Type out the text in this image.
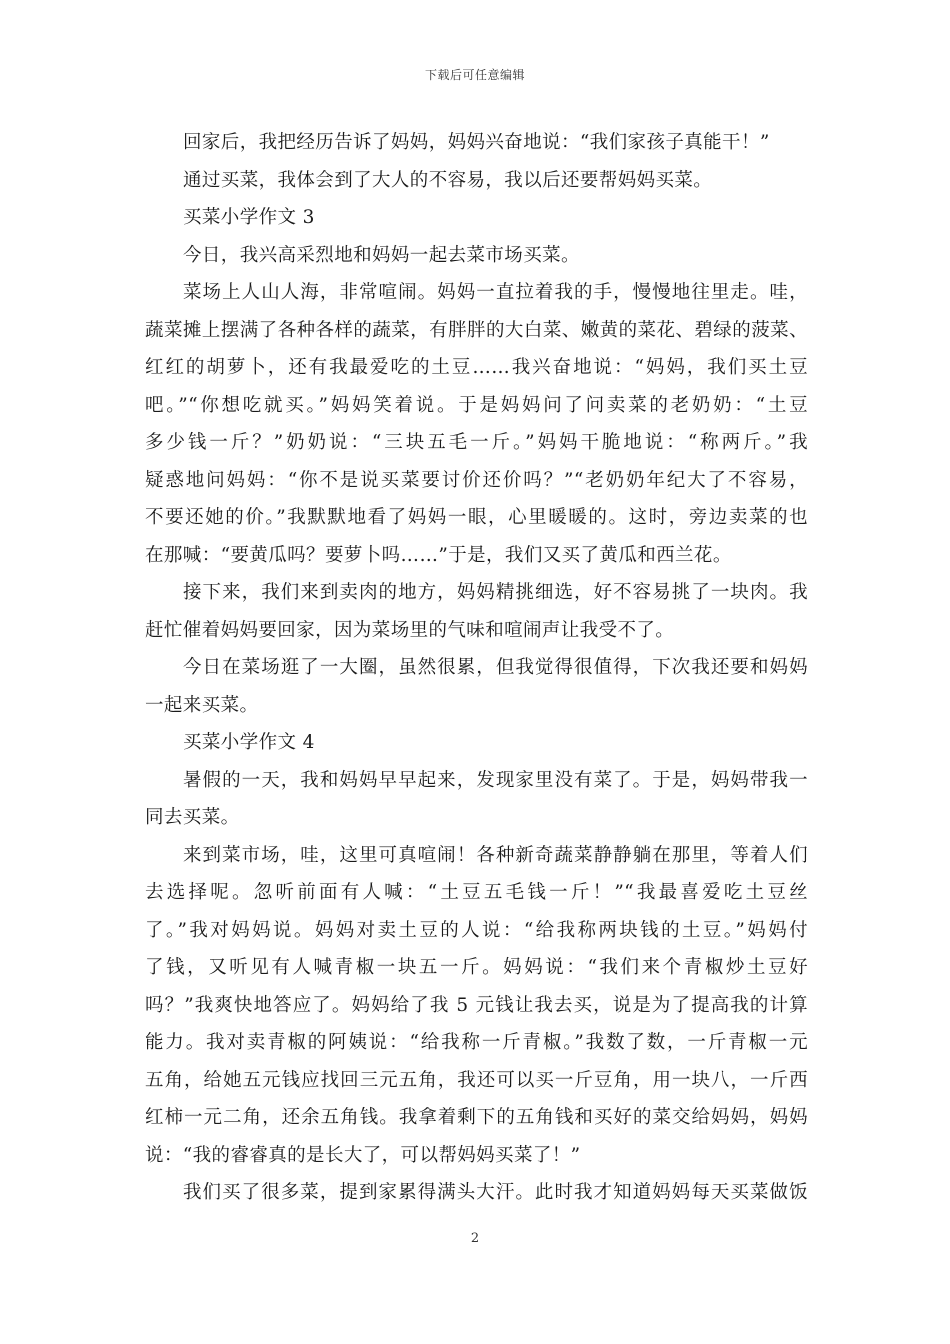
下载后可任意编辑
回家后，我把经历告诉了妈妈，妈妈兴奋地说：“我们家孩子真能干！”
通过买菜，我体会到了大人的不容易，我以后还要帮妈妈买菜。
买菜小学作文 3
今日，我兴高采烈地和妈妈一起去菜市场买菜。
菜场上人山人海，非常喧闹。妈妈一直拉着我的手，慢慢地往里走。哇，
蔬菜摊上摆满了各种各样的蔬菜，有胖胖的大白菜、嫩黄的菜花、碧绿的菠菜、
红红的胡萝卜，还有我最爱吃的土豆……我兴奋地说：“妈妈，我们买土豆
吧。”“你想吃就买。”妈妈笑着说。于是妈妈问了问卖菜的老奶奶：“土豆
多少钱一斤？”奶奶说：“三块五毛一斤。”妈妈干脆地说：“称两斤。”我
疑惑地问妈妈：“你不是说买菜要讨价还价吗？”“老奶奶年纪大了不容易，
不要还她的价。”我默默地看了妈妈一眼，心里暖暖的。这时，旁边卖菜的也
在那喊：“要黄瓜吗？要萝卜吗……”于是，我们又买了黄瓜和西兰花。
接下来，我们来到卖肉的地方，妈妈精挑细选，好不容易挑了一块肉。我
赶忙催着妈妈要回家，因为菜场里的气味和喧闹声让我受不了。
今日在菜场逛了一大圈，虽然很累，但我觉得很值得，下次我还要和妈妈
一起来买菜。
买菜小学作文 4
暑假的一天，我和妈妈早早起来，发现家里没有菜了。于是，妈妈带我一
同去买菜。
来到菜市场，哇，这里可真喧闹！各种新奇蔬菜静静躺在那里，等着人们
去选择呢。忽听前面有人喊：“土豆五毛钱一斤！”“我最喜爱吃土豆丝
了。”我对妈妈说。妈妈对卖土豆的人说：“给我称两块钱的土豆。”妈妈付
了钱，又听见有人喊青椒一块五一斤。妈妈说：“我们来个青椒炒土豆好
吗？”我爽快地答应了。妈妈给了我 5 元钱让我去买，说是为了提高我的计算
能力。我对卖青椒的阿姨说：“给我称一斤青椒。”我数了数，一斤青椒一元
五角，给她五元钱应找回三元五角，我还可以买一斤豆角，用一块八，一斤西
红柿一元二角，还余五角钱。我拿着剩下的五角钱和买好的菜交给妈妈，妈妈
说：“我的睿睿真的是长大了，可以帮妈妈买菜了！”
我们买了很多菜，提到家累得满头大汗。此时我才知道妈妈每天买菜做饭
2
